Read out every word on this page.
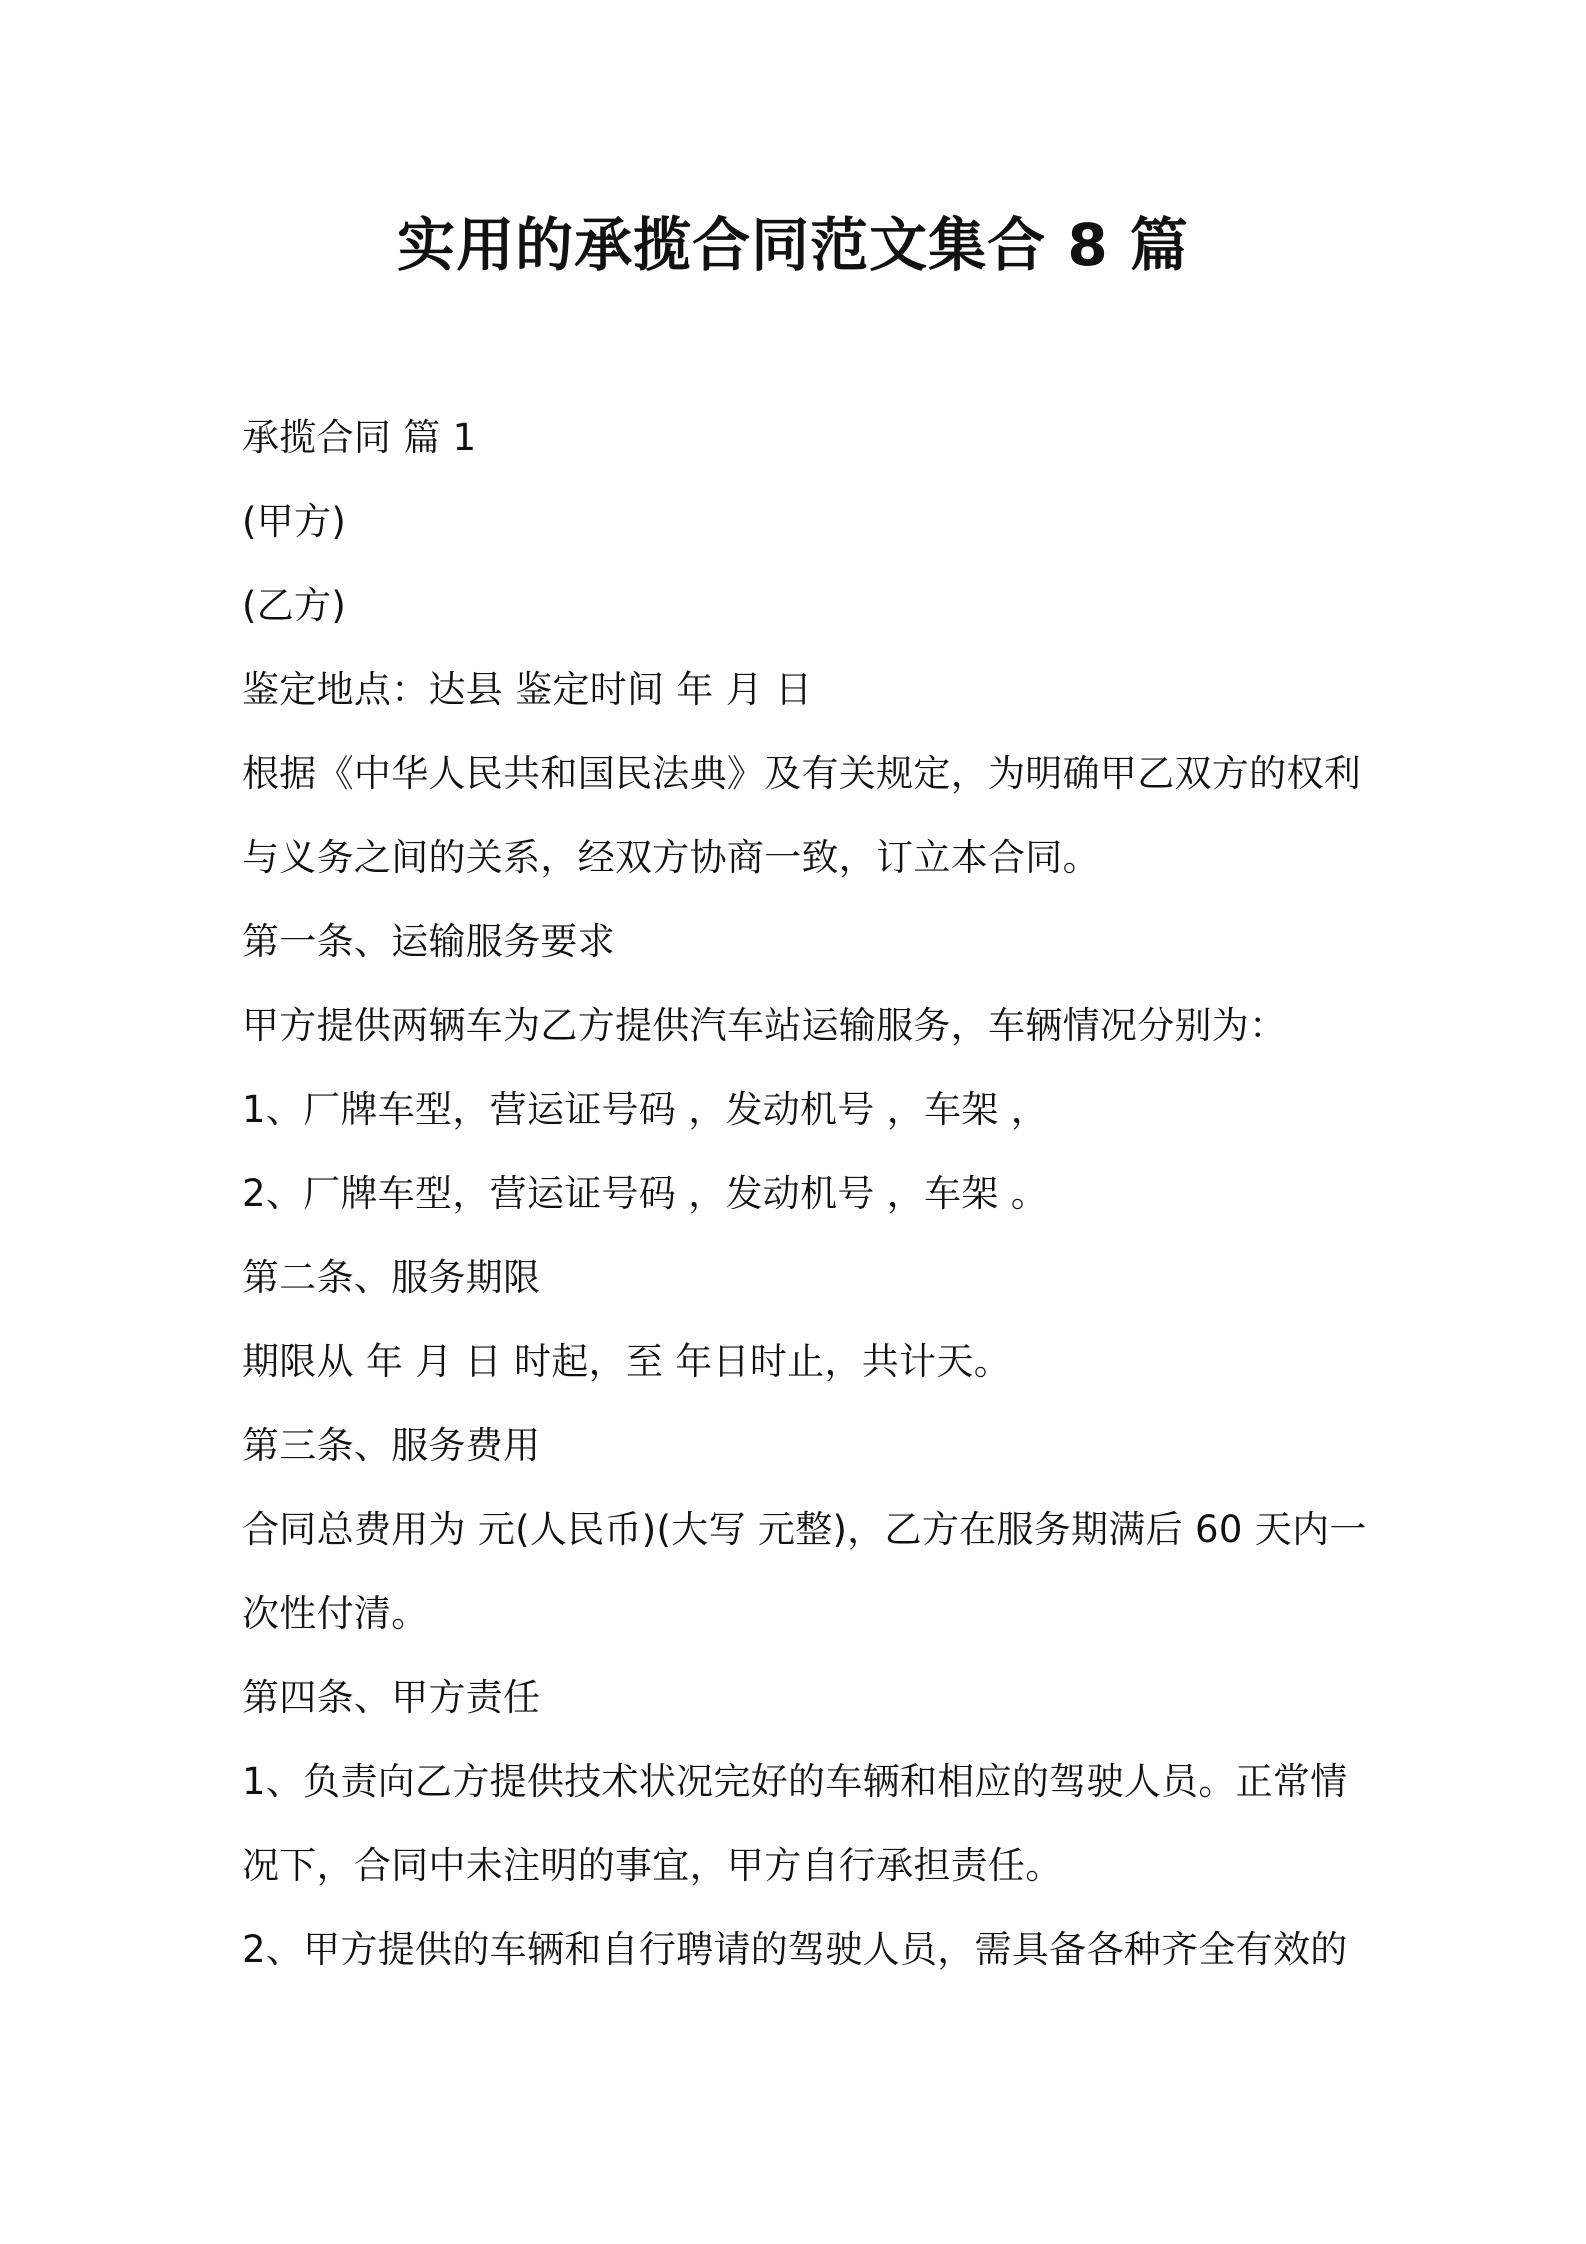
实用的承揽合同范文集合 8 篇
承揽合同 篇 1
(甲方)
(乙方)
鉴定地点：达县 鉴定时间 年 月 日
根据《中华人民共和国民法典》及有关规定，为明确甲乙双方的权利
与义务之间的关系，经双方协商一致，订立本合同。
第一条、运输服务要求
甲方提供两辆车为乙方提供汽车站运输服务，车辆情况分别为：
1、厂牌车型，营运证号码 ，发动机号 ，车架 ，
2、厂牌车型，营运证号码 ，发动机号 ，车架 。
第二条、服务期限
期限从 年 月 日 时起，至 年日时止，共计天。
第三条、服务费用
合同总费用为 元(人民币)(大写 元整)，乙方在服务期满后 60 天内一
次性付清。
第四条、甲方责任
1、负责向乙方提供技术状况完好的车辆和相应的驾驶人员。正常情
况下，合同中未注明的事宜，甲方自行承担责任。
2、甲方提供的车辆和自行聘请的驾驶人员，需具备各种齐全有效的
